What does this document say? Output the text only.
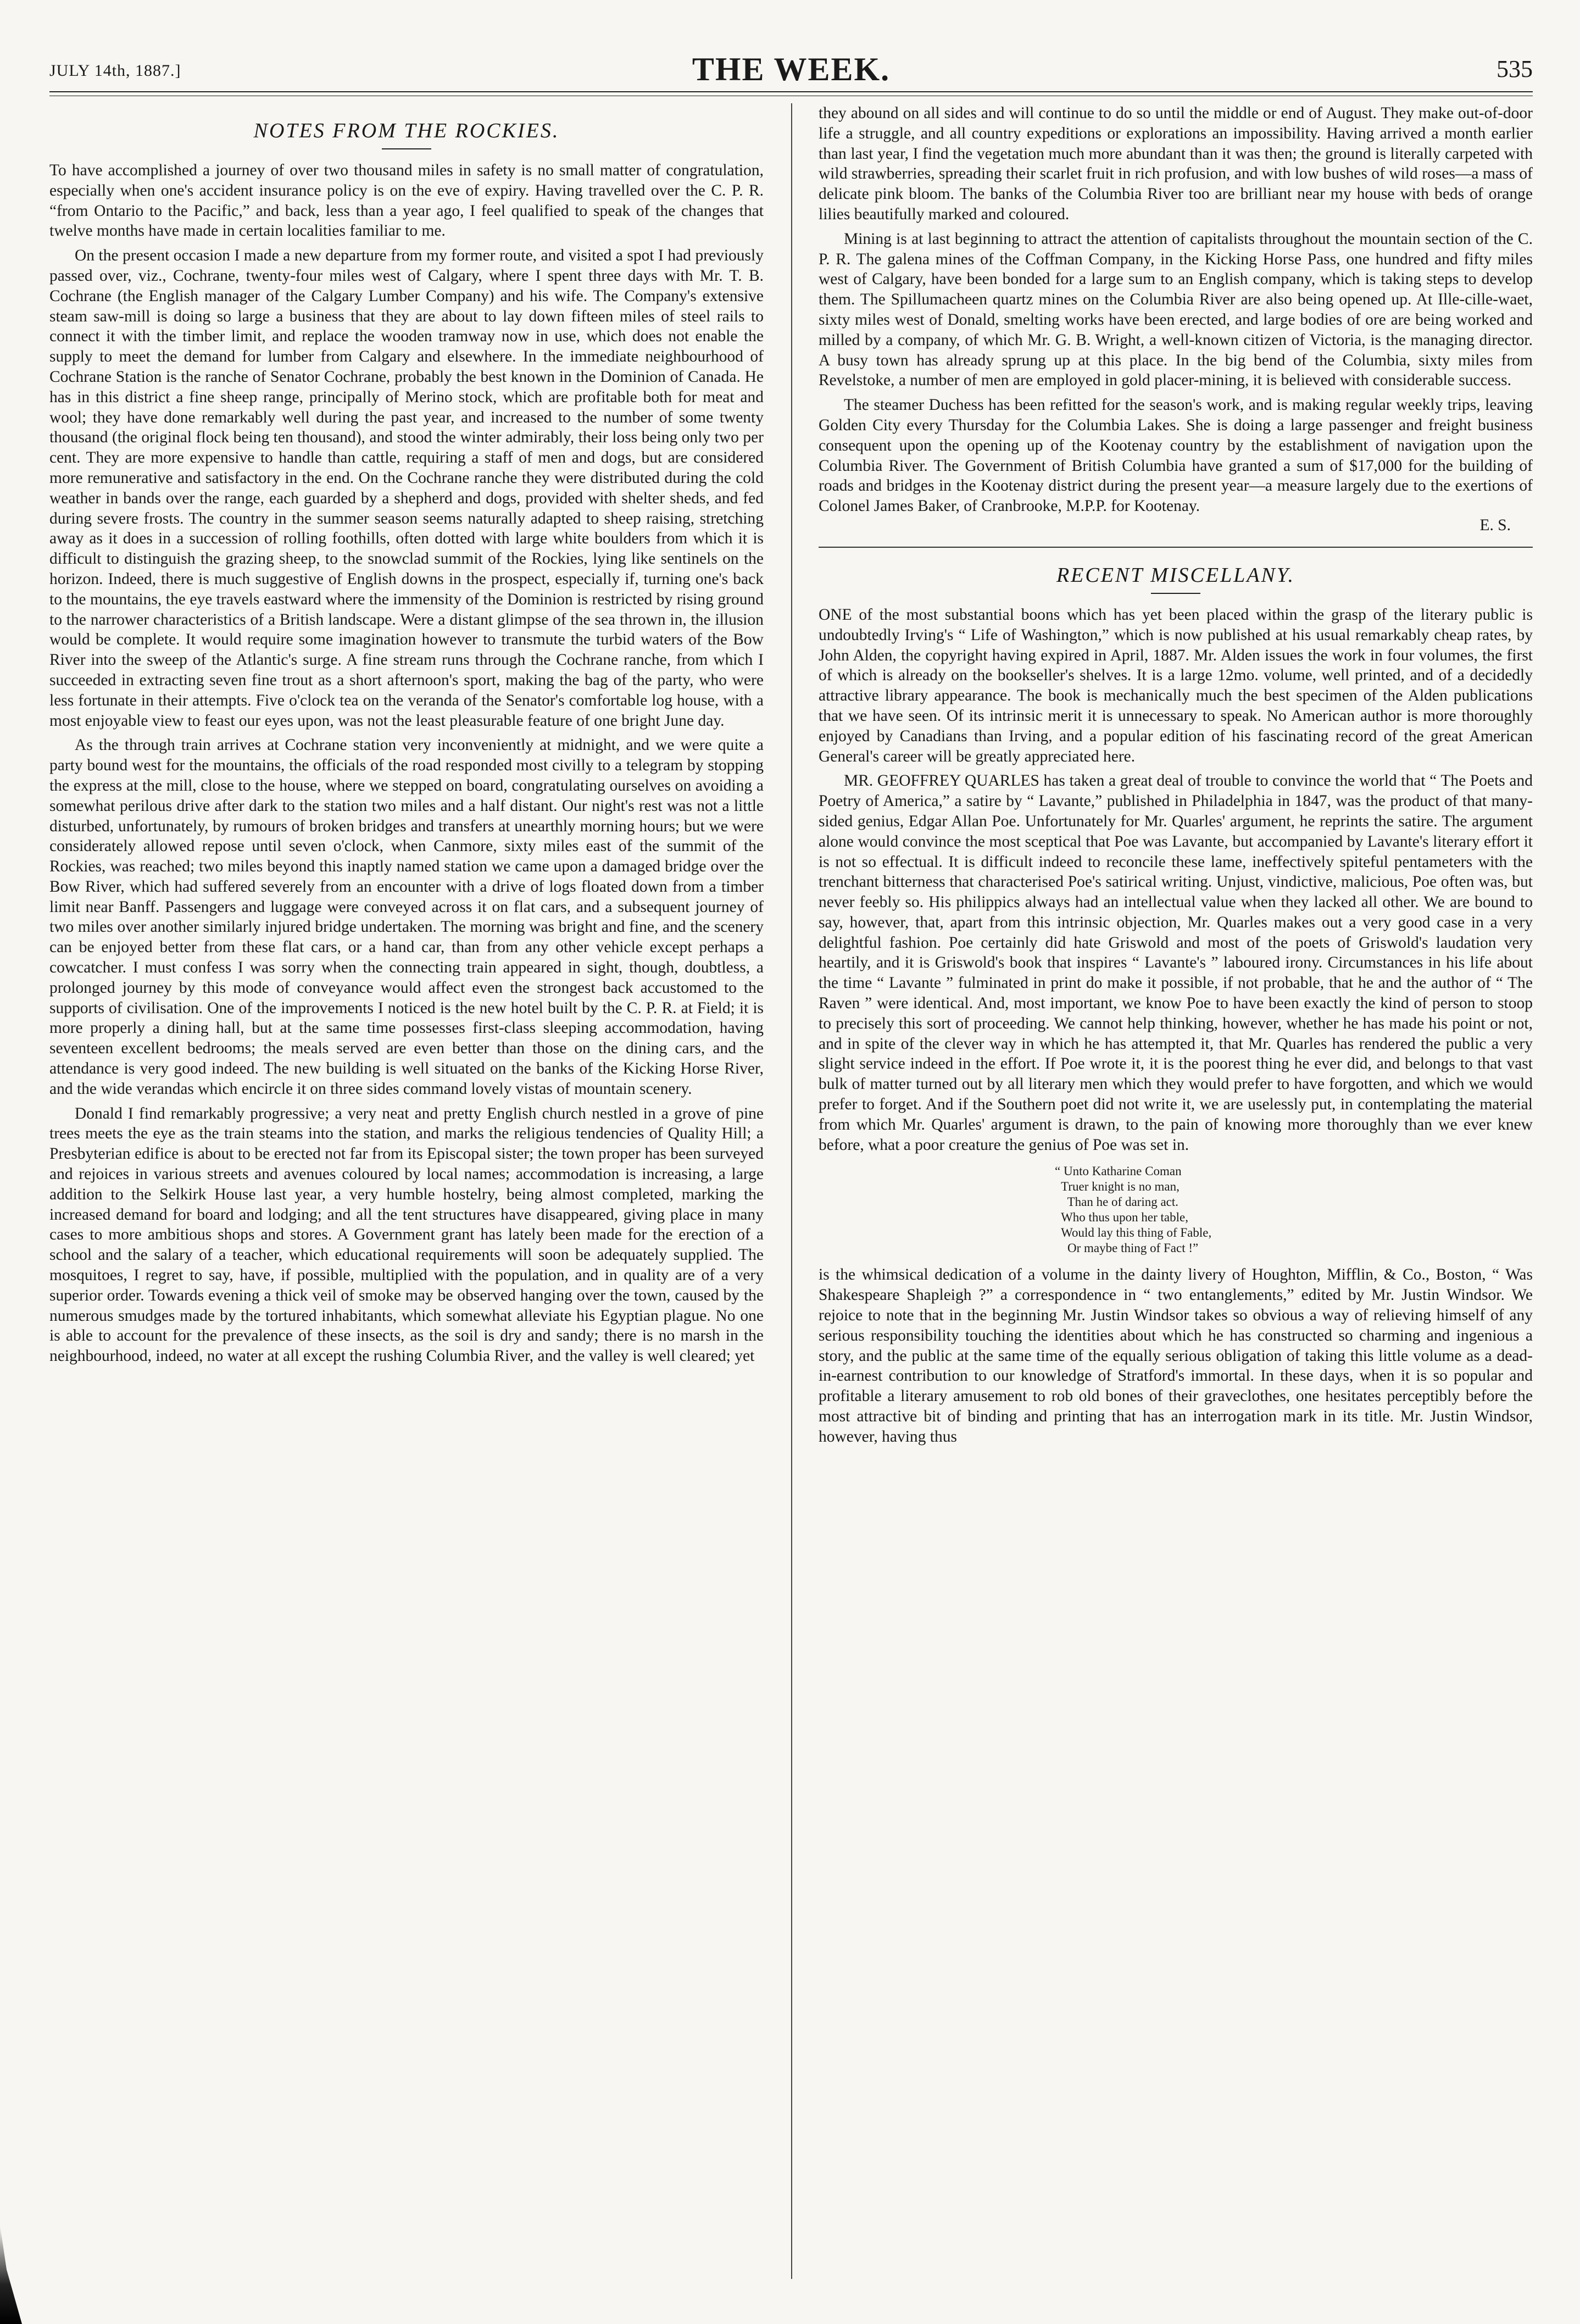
JULY 14th, 1887.]	THE WEEK.	535
NOTES FROM THE ROCKIES.

To have accomplished a journey of over two thousand miles in safety is no small matter of congratulation, especially when one's accident insurance policy is on the eve of expiry. Having travelled over the C. P. R. “from Ontario to the Pacific,” and back, less than a year ago, I feel qualified to speak of the changes that twelve months have made in certain localities familiar to me.

On the present occasion I made a new departure from my former route, and visited a spot I had previously passed over, viz., Cochrane, twenty-four miles west of Calgary, where I spent three days with Mr. T. B. Cochrane (the English manager of the Calgary Lumber Company) and his wife. The Company's extensive steam saw-mill is doing so large a business that they are about to lay down fifteen miles of steel rails to connect it with the timber limit, and replace the wooden tramway now in use, which does not enable the supply to meet the demand for lumber from Calgary and elsewhere. In the immediate neighbourhood of Cochrane Station is the ranche of Senator Cochrane, probably the best known in the Dominion of Canada. He has in this district a fine sheep range, principally of Merino stock, which are profitable both for meat and wool; they have done remarkably well during the past year, and increased to the number of some twenty thousand (the original flock being ten thousand), and stood the winter admirably, their loss being only two per cent. They are more expensive to handle than cattle, requiring a staff of men and dogs, but are considered more remunerative and satisfactory in the end. On the Cochrane ranche they were distributed during the cold weather in bands over the range, each guarded by a shepherd and dogs, provided with shelter sheds, and fed during severe frosts. The country in the summer season seems naturally adapted to sheep raising, stretching away as it does in a succession of rolling foothills, often dotted with large white boulders from which it is difficult to distinguish the grazing sheep, to the snowclad summit of the Rockies, lying like sentinels on the horizon. Indeed, there is much suggestive of English downs in the prospect, especially if, turning one's back to the mountains, the eye travels eastward where the immensity of the Dominion is restricted by rising ground to the narrower characteristics of a British landscape. Were a distant glimpse of the sea thrown in, the illusion would be complete. It would require some imagination however to transmute the turbid waters of the Bow River into the sweep of the Atlantic's surge. A fine stream runs through the Cochrane ranche, from which I succeeded in extracting seven fine trout as a short afternoon's sport, making the bag of the party, who were less fortunate in their attempts. Five o'clock tea on the veranda of the Senator's comfortable log house, with a most enjoyable view to feast our eyes upon, was not the least pleasurable feature of one bright June day.

As the through train arrives at Cochrane station very inconveniently at midnight, and we were quite a party bound west for the mountains, the officials of the road responded most civilly to a telegram by stopping the express at the mill, close to the house, where we stepped on board, congratulating ourselves on avoiding a somewhat perilous drive after dark to the station two miles and a half distant. Our night's rest was not a little disturbed, unfortunately, by rumours of broken bridges and transfers at unearthly morning hours; but we were considerately allowed repose until seven o'clock, when Canmore, sixty miles east of the summit of the Rockies, was reached; two miles beyond this inaptly named station we came upon a damaged bridge over the Bow River, which had suffered severely from an encounter with a drive of logs floated down from a timber limit near Banff. Passengers and luggage were conveyed across it on flat cars, and a subsequent journey of two miles over another similarly injured bridge undertaken. The morning was bright and fine, and the scenery can be enjoyed better from these flat cars, or a hand car, than from any other vehicle except perhaps a cowcatcher. I must confess I was sorry when the connecting train appeared in sight, though, doubtless, a prolonged journey by this mode of conveyance would affect even the strongest back accustomed to the supports of civilisation. One of the improvements I noticed is the new hotel built by the C. P. R. at Field; it is more properly a dining hall, but at the same time possesses first-class sleeping accommodation, having seventeen excellent bedrooms; the meals served are even better than those on the dining cars, and the attendance is very good indeed. The new building is well situated on the banks of the Kicking Horse River, and the wide verandas which encircle it on three sides command lovely vistas of mountain scenery.

Donald I find remarkably progressive; a very neat and pretty English church nestled in a grove of pine trees meets the eye as the train steams into the station, and marks the religious tendencies of Quality Hill; a Presbyterian edifice is about to be erected not far from its Episcopal sister; the town proper has been surveyed and rejoices in various streets and avenues coloured by local names; accommodation is increasing, a large addition to the Selkirk House last year, a very humble hostelry, being almost completed, marking the increased demand for board and lodging; and all the tent structures have disappeared, giving place in many cases to more ambitious shops and stores. A Government grant has lately been made for the erection of a school and the salary of a teacher, which educational requirements will soon be adequately supplied. The mosquitoes, I regret to say, have, if possible, multiplied with the population, and in quality are of a very superior order. Towards evening a thick veil of smoke may be observed hanging over the town, caused by the numerous smudges made by the tortured inhabitants, which somewhat alleviate his Egyptian plague. No one is able to account for the prevalence of these insects, as the soil is dry and sandy; there is no marsh in the neighbourhood, indeed, no water at all except the rushing Columbia River, and the valley is well cleared; yet

they abound on all sides and will continue to do so until the middle or end of August. They make out-of-door life a struggle, and all country expeditions or explorations an impossibility. Having arrived a month earlier than last year, I find the vegetation much more abundant than it was then; the ground is literally carpeted with wild strawberries, spreading their scarlet fruit in rich profusion, and with low bushes of wild roses—a mass of delicate pink bloom. The banks of the Columbia River too are brilliant near my house with beds of orange lilies beautifully marked and coloured.

Mining is at last beginning to attract the attention of capitalists throughout the mountain section of the C. P. R. The galena mines of the Coffman Company, in the Kicking Horse Pass, one hundred and fifty miles west of Calgary, have been bonded for a large sum to an English company, which is taking steps to develop them. The Spillumacheen quartz mines on the Columbia River are also being opened up. At Ille-cille-waet, sixty miles west of Donald, smelting works have been erected, and large bodies of ore are being worked and milled by a company, of which Mr. G. B. Wright, a well-known citizen of Victoria, is the managing director. A busy town has already sprung up at this place. In the big bend of the Columbia, sixty miles from Revelstoke, a number of men are employed in gold placer-mining, it is believed with considerable success.

The steamer Duchess has been refitted for the season's work, and is making regular weekly trips, leaving Golden City every Thursday for the Columbia Lakes. She is doing a large passenger and freight business consequent upon the opening up of the Kootenay country by the establishment of navigation upon the Columbia River. The Government of British Columbia have granted a sum of $17,000 for the building of roads and bridges in the Kootenay district during the present year—a measure largely due to the exertions of Colonel James Baker, of Cranbrooke, M.P.P. for Kootenay.

E. S.
RECENT MISCELLANY.

ONE of the most substantial boons which has yet been placed within the grasp of the literary public is undoubtedly Irving's “ Life of Washington,” which is now published at his usual remarkably cheap rates, by John Alden, the copyright having expired in April, 1887. Mr. Alden issues the work in four volumes, the first of which is already on the bookseller's shelves. It is a large 12mo. volume, well printed, and of a decidedly attractive library appearance. The book is mechanically much the best specimen of the Alden publications that we have seen. Of its intrinsic merit it is unnecessary to speak. No American author is more thoroughly enjoyed by Canadians than Irving, and a popular edition of his fascinating record of the great American General's career will be greatly appreciated here.

MR. GEOFFREY QUARLES has taken a great deal of trouble to convince the world that “ The Poets and Poetry of America,” a satire by “ Lavante,” published in Philadelphia in 1847, was the product of that many-sided genius, Edgar Allan Poe. Unfortunately for Mr. Quarles' argument, he reprints the satire. The argument alone would convince the most sceptical that Poe was Lavante, but accompanied by Lavante's literary effort it is not so effectual. It is difficult indeed to reconcile these lame, ineffectively spiteful pentameters with the trenchant bitterness that characterised Poe's satirical writing. Unjust, vindictive, malicious, Poe often was, but never feebly so. His philippics always had an intellectual value when they lacked all other. We are bound to say, however, that, apart from this intrinsic objection, Mr. Quarles makes out a very good case in a very delightful fashion. Poe certainly did hate Griswold and most of the poets of Griswold's laudation very heartily, and it is Griswold's book that inspires “ Lavante's ” laboured irony. Circumstances in his life about the time “ Lavante ” fulminated in print do make it possible, if not probable, that he and the author of “ The Raven ” were identical. And, most important, we know Poe to have been exactly the kind of person to stoop to precisely this sort of proceeding. We cannot help thinking, however, whether he has made his point or not, and in spite of the clever way in which he has attempted it, that Mr. Quarles has rendered the public a very slight service indeed in the effort. If Poe wrote it, it is the poorest thing he ever did, and belongs to that vast bulk of matter turned out by all literary men which they would prefer to have forgotten, and which we would prefer to forget. And if the Southern poet did not write it, we are uselessly put, in contemplating the material from which Mr. Quarles' argument is drawn, to the pain of knowing more thoroughly than we ever knew before, what a poor creature the genius of Poe was set in.

“ Unto Katharine Coman
Truer knight is no man,
Than he of daring act.
Who thus upon her table,
Would lay this thing of Fable,
Or maybe thing of Fact !”

is the whimsical dedication of a volume in the dainty livery of Houghton, Mifflin, & Co., Boston, “ Was Shakespeare Shapleigh ?” a correspondence in “ two entanglements,” edited by Mr. Justin Windsor. We rejoice to note that in the beginning Mr. Justin Windsor takes so obvious a way of relieving himself of any serious responsibility touching the identities about which he has constructed so charming and ingenious a story, and the public at the same time of the equally serious obligation of taking this little volume as a dead-in-earnest contribution to our knowledge of Stratford's immortal. In these days, when it is so popular and profitable a literary amusement to rob old bones of their graveclothes, one hesitates perceptibly before the most attractive bit of binding and printing that has an interrogation mark in its title. Mr. Justin Windsor, however, having thus
